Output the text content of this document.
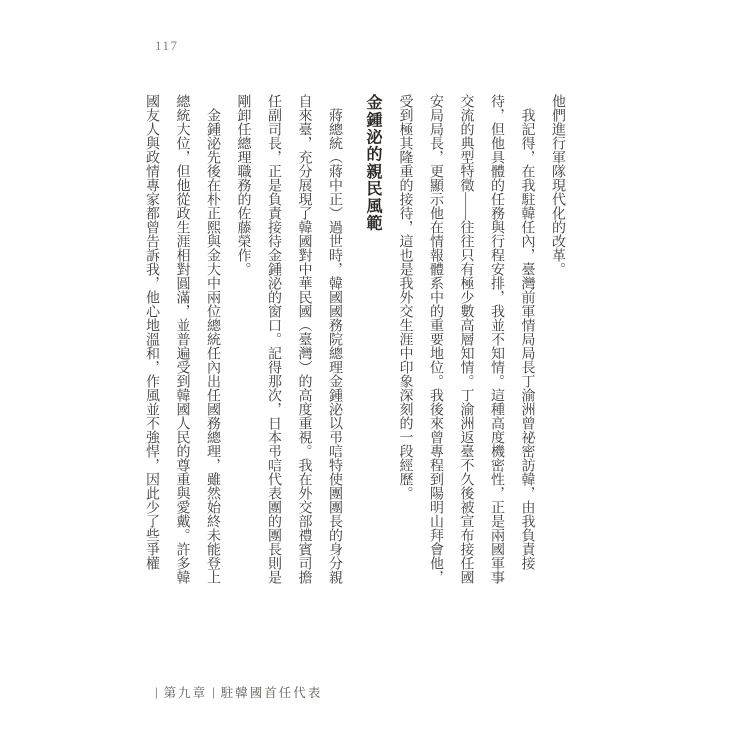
117

他們進行軍隊現代化的改革。

我記得，在我駐韓任內，臺灣前軍情局局長丁渝洲曾祕密訪韓，由我負責接待，但他具體的任務與行程安排，我並不知情。這種高度機密性，正是兩國軍事交流的典型特徵——往往只有極少數高層知情。丁渝洲返臺不久後被宣布接任國安局局長，更顯示他在情報體系中的重要地位。我後來曾專程到陽明山拜會他，受到極其隆重的接待，這也是我外交生涯中印象深刻的一段經歷。

金鍾泌的親民風範

蔣總統（蔣中正）過世時，韓國國務院總理金鍾泌以弔唁特使團團長的身分親自來臺，充分展現了韓國對中華民國（臺灣）的高度重視。我在外交部禮賓司擔任副司長，正是負責接待金鍾泌的窗口。記得那次，日本弔唁代表團的團長則是剛卸任總理職務的佐藤榮作。

金鍾泌先後在朴正熙與金大中兩位總統任內出任國務總理，雖然始終未能登上總統大位，但他從政生涯相對圓滿，並普遍受到韓國人民的尊重與愛戴。許多韓國友人與政情專家都曾告訴我，他心地溫和，作風並不強悍，因此少了些爭權

| 第九章 | 駐韓國首任代表
